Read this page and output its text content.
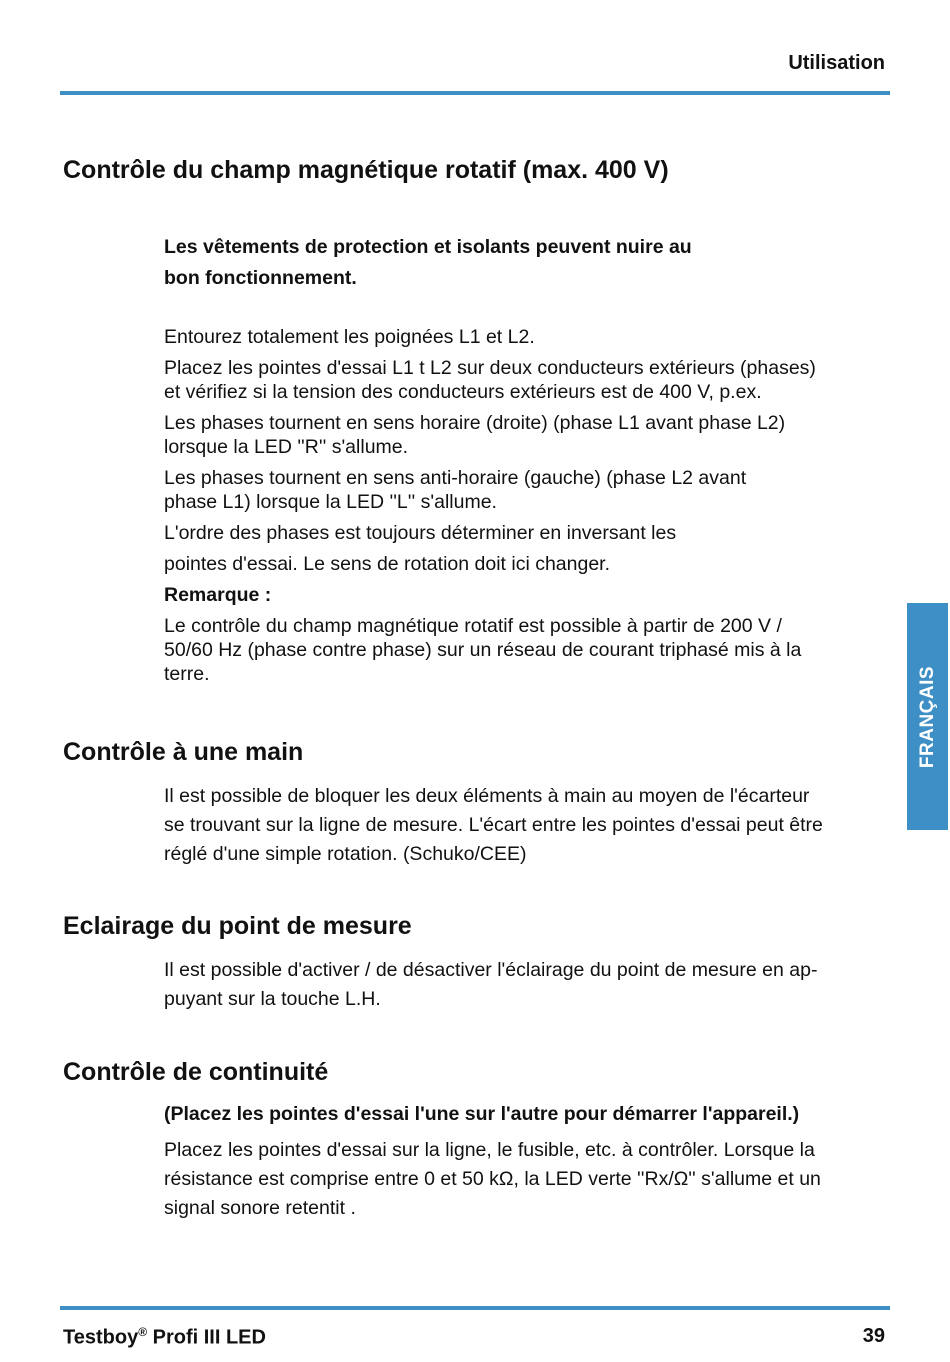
Utilisation
Contrôle du champ magnétique rotatif (max. 400 V)

Les vêtements de protection et isolants peuvent nuire au

bon fonctionnement.

Entourez totalement les poignées L1 et L2.

Placez les pointes d'essai L1 t L2 sur deux conducteurs extérieurs (phases)

et vérifiez si la tension des conducteurs extérieurs est de 400 V, p.ex.

Les phases tournent en sens horaire (droite) (phase L1 avant phase L2)

lorsque la LED ''R'' s'allume.

Les phases tournent en sens anti-horaire (gauche) (phase L2 avant

phase L1) lorsque la LED ''L'' s'allume.

L'ordre des phases est toujours déterminer en inversant les

pointes d'essai. Le sens de rotation doit ici changer.

Remarque :

Le contrôle du champ magnétique rotatif est possible à partir de 200 V /

50/60 Hz (phase contre phase) sur un réseau de courant triphasé mis à la

terre.

Contrôle à une main

Il est possible de bloquer les deux éléments à main au moyen de l'écarteur

se trouvant sur la ligne de mesure. L'écart entre les pointes d'essai peut être

réglé d'une simple rotation. (Schuko/CEE)

Eclairage du point de mesure

Il est possible d'activer / de désactiver l'éclairage du point de mesure en ap-

puyant sur la touche L.H.

Contrôle de continuité

(Placez les pointes d'essai l'une sur l'autre pour démarrer l'appareil.)

Placez les pointes d'essai sur la ligne, le fusible, etc. à contrôler. Lorsque la

résistance est comprise entre 0 et 50 kΩ, la LED verte ''Rx/Ω'' s'allume et un

signal sonore retentit .

FRANÇAIS
Testboy® Profi III LED	39
